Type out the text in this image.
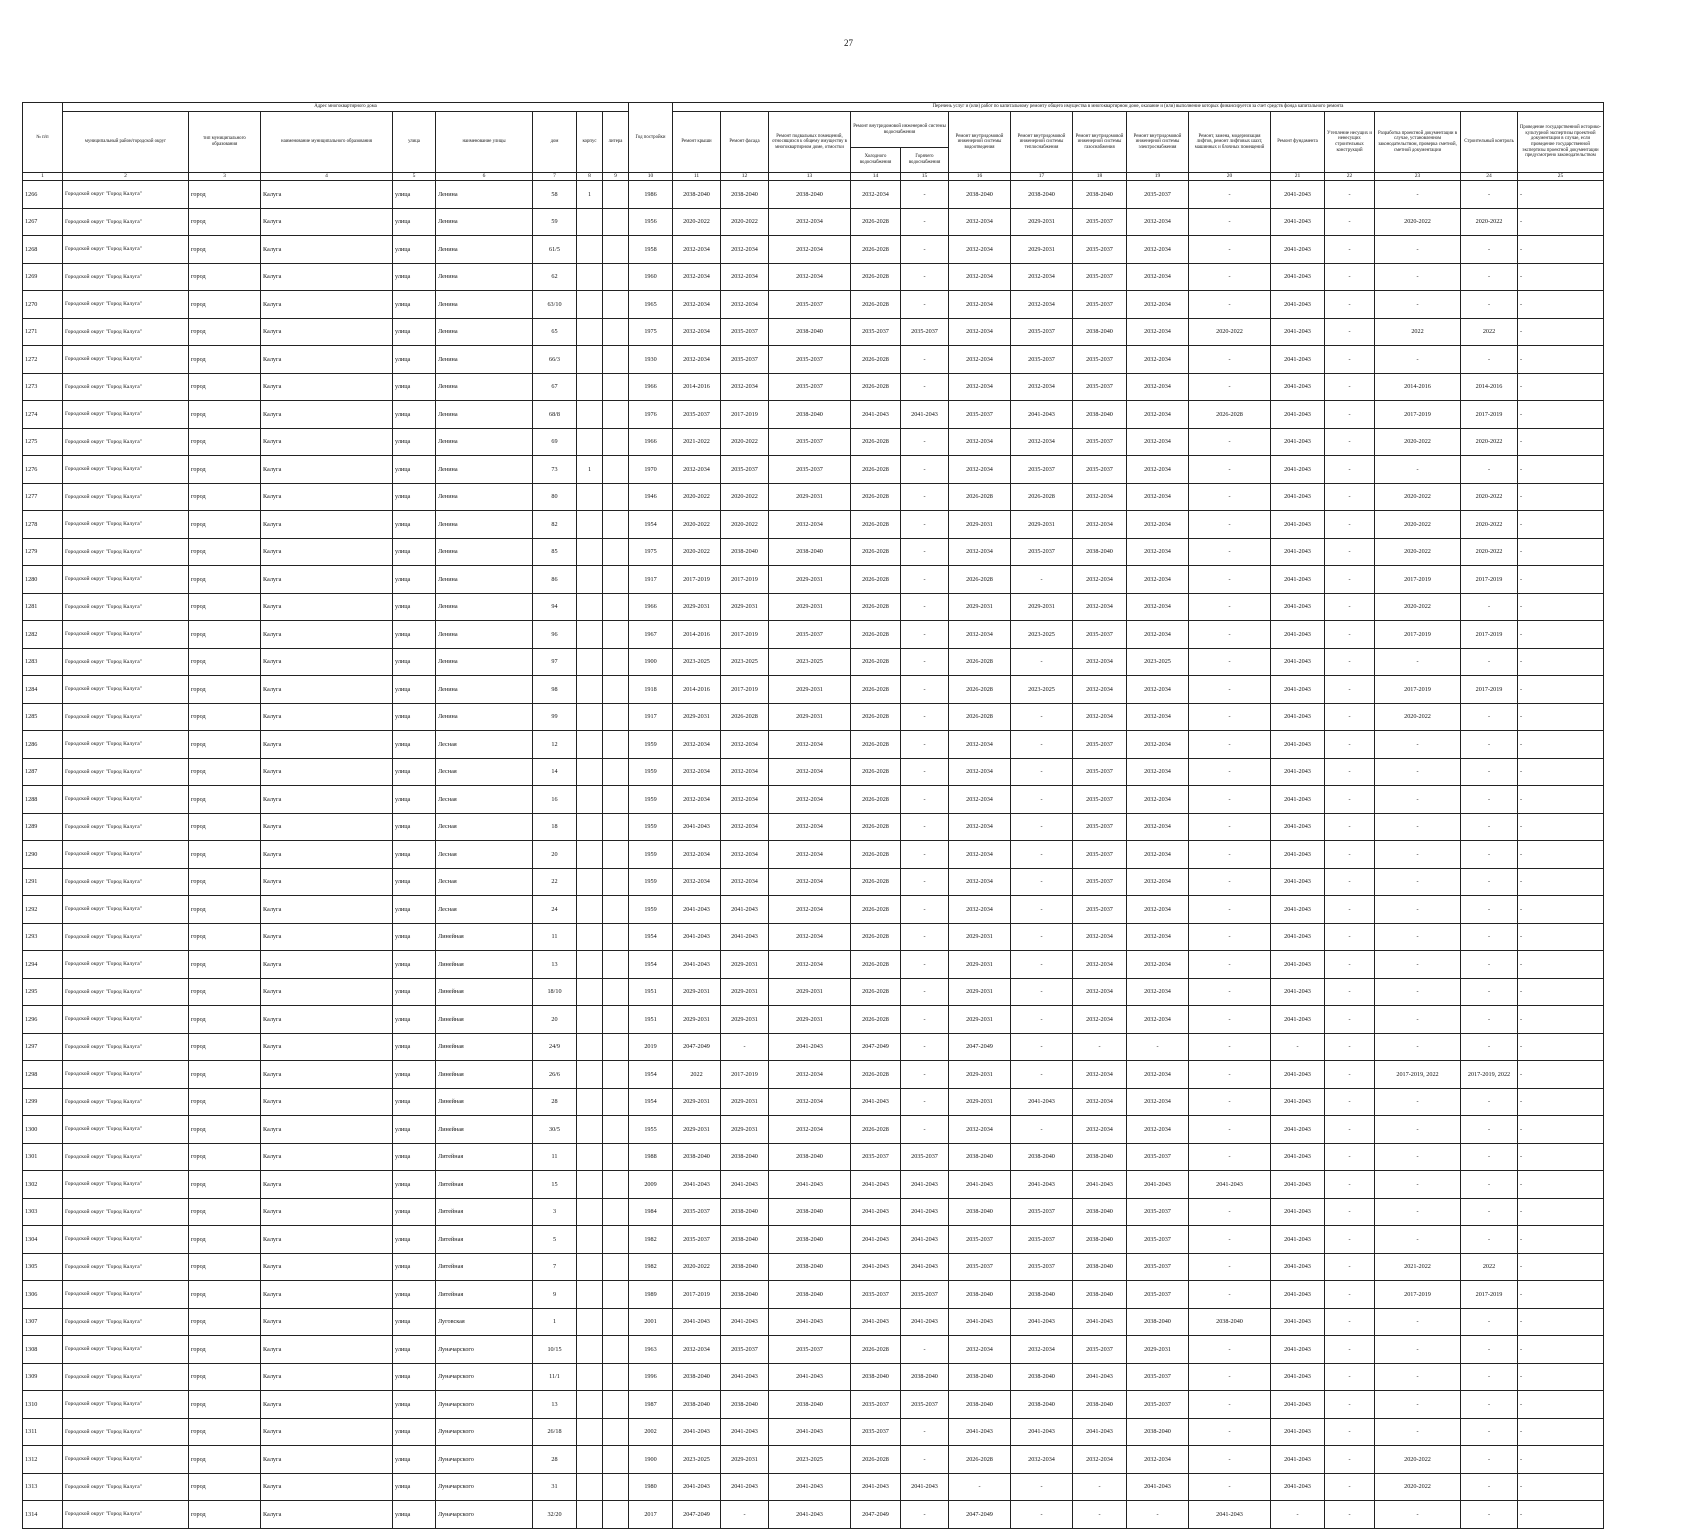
27
№ п/п	Адрес многоквартирного дома								Год постройки	Перечень услуг и (или) работ по капитальному ремонту общего имущества в многоквартирном доме, оказание и (или) выполнение которых финансируется за счет средств фонда капитального ремонта														
	муниципальный район/городской округ	тип муниципального образования	наименование муниципального образования	улица	наименование улицы	дом	корпус	литера		Ремонт крыши	Ремонт фасада	Ремонт подвальных помещений, относящихся к общему имуществу в многоквартирном доме, отмостки	Ремонт внутридомовой инженерной системы водоснабжения		Ремонт внутридомовой инженерной системы водоотведения	Ремонт внутридомовой инженерной системы теплоснабжения	Ремонт внутридомовой инженерной системы газоснабжения	Ремонт внутридомовой инженерной системы электроснабжения	Ремонт, замена, модернизация лифтов, ремонт лифтовых шахт, машинных и блочных помещений	Ремонт фундамента	Утепление несущих и ненесущих строительных конструкций	Разработка проектной документации в случае, установленном законодательством, проверка сметной, сметной документации	Строительный контроль	Проведение государственной историко-культурной экспертизы проектной документации в случае, если проведение государственной экспертизы проектной документации предусмотрено законодательством
													Холодного водоснабжения	Горячего водоснабжения										
1	2	3	4	5	6	7	8	9	10	11	12	13	14	15	16	17	18	19	20	21	22	23	24	25
1266	Городской округ "Город Калуга"	город	Калуга	улица	Ленина	58	1		1986	2038-2040	2038-2040	2038-2040	2032-2034	-	2038-2040	2038-2040	2038-2040	2035-2037	-	2041-2043	-	-	-	-
1267	Городской округ "Город Калуга"	город	Калуга	улица	Ленина	59			1956	2020-2022	2020-2022	2032-2034	2026-2028	-	2032-2034	2029-2031	2035-2037	2032-2034	-	2041-2043	-	2020-2022	2020-2022	-
1268	Городской округ "Город Калуга"	город	Калуга	улица	Ленина	61/5			1958	2032-2034	2032-2034	2032-2034	2026-2028	-	2032-2034	2029-2031	2035-2037	2032-2034	-	2041-2043	-	-	-	-
1269	Городской округ "Город Калуга"	город	Калуга	улица	Ленина	62			1960	2032-2034	2032-2034	2032-2034	2026-2028	-	2032-2034	2032-2034	2035-2037	2032-2034	-	2041-2043	-	-	-	-
1270	Городской округ "Город Калуга"	город	Калуга	улица	Ленина	63/10			1965	2032-2034	2032-2034	2035-2037	2026-2028	-	2032-2034	2032-2034	2035-2037	2032-2034	-	2041-2043	-	-	-	-
1271	Городской округ "Город Калуга"	город	Калуга	улица	Ленина	65			1975	2032-2034	2035-2037	2038-2040	2035-2037	2035-2037	2032-2034	2035-2037	2038-2040	2032-2034	2020-2022	2041-2043	-	2022	2022	-
1272	Городской округ "Город Калуга"	город	Калуга	улица	Ленина	66/3			1930	2032-2034	2035-2037	2035-2037	2026-2028	-	2032-2034	2035-2037	2035-2037	2032-2034	-	2041-2043	-	-	-	-
1273	Городской округ "Город Калуга"	город	Калуга	улица	Ленина	67			1966	2014-2016	2032-2034	2035-2037	2026-2028	-	2032-2034	2032-2034	2035-2037	2032-2034	-	2041-2043	-	2014-2016	2014-2016	-
1274	Городской округ "Город Калуга"	город	Калуга	улица	Ленина	68/8			1976	2035-2037	2017-2019	2038-2040	2041-2043	2041-2043	2035-2037	2041-2043	2038-2040	2032-2034	2026-2028	2041-2043	-	2017-2019	2017-2019	-
1275	Городской округ "Город Калуга"	город	Калуга	улица	Ленина	69			1966	2021-2022	2020-2022	2035-2037	2026-2028	-	2032-2034	2032-2034	2035-2037	2032-2034	-	2041-2043	-	2020-2022	2020-2022	-
1276	Городской округ "Город Калуга"	город	Калуга	улица	Ленина	73	1		1970	2032-2034	2035-2037	2035-2037	2026-2028	-	2032-2034	2035-2037	2035-2037	2032-2034	-	2041-2043	-	-	-	-
1277	Городской округ "Город Калуга"	город	Калуга	улица	Ленина	80			1946	2020-2022	2020-2022	2029-2031	2026-2028	-	2026-2028	2026-2028	2032-2034	2032-2034	-	2041-2043	-	2020-2022	2020-2022	-
1278	Городской округ "Город Калуга"	город	Калуга	улица	Ленина	82			1954	2020-2022	2020-2022	2032-2034	2026-2028	-	2029-2031	2029-2031	2032-2034	2032-2034	-	2041-2043	-	2020-2022	2020-2022	-
1279	Городской округ "Город Калуга"	город	Калуга	улица	Ленина	85			1975	2020-2022	2038-2040	2038-2040	2026-2028	-	2032-2034	2035-2037	2038-2040	2032-2034	-	2041-2043	-	2020-2022	2020-2022	-
1280	Городской округ "Город Калуга"	город	Калуга	улица	Ленина	86			1917	2017-2019	2017-2019	2029-2031	2026-2028	-	2026-2028	-	2032-2034	2032-2034	-	2041-2043	-	2017-2019	2017-2019	-
1281	Городской округ "Город Калуга"	город	Калуга	улица	Ленина	94			1966	2029-2031	2029-2031	2029-2031	2026-2028	-	2029-2031	2029-2031	2032-2034	2032-2034	-	2041-2043	-	2020-2022	-	-
1282	Городской округ "Город Калуга"	город	Калуга	улица	Ленина	96			1967	2014-2016	2017-2019	2035-2037	2026-2028	-	2032-2034	2023-2025	2035-2037	2032-2034	-	2041-2043	-	2017-2019	2017-2019	-
1283	Городской округ "Город Калуга"	город	Калуга	улица	Ленина	97			1900	2023-2025	2023-2025	2023-2025	2026-2028	-	2026-2028	-	2032-2034	2023-2025	-	2041-2043	-	-	-	-
1284	Городской округ "Город Калуга"	город	Калуга	улица	Ленина	98			1918	2014-2016	2017-2019	2029-2031	2026-2028	-	2026-2028	2023-2025	2032-2034	2032-2034	-	2041-2043	-	2017-2019	2017-2019	-
1285	Городской округ "Город Калуга"	город	Калуга	улица	Ленина	99			1917	2029-2031	2026-2028	2029-2031	2026-2028	-	2026-2028	-	2032-2034	2032-2034	-	2041-2043	-	2020-2022	-	-
1286	Городской округ "Город Калуга"	город	Калуга	улица	Лесная	12			1959	2032-2034	2032-2034	2032-2034	2026-2028	-	2032-2034	-	2035-2037	2032-2034	-	2041-2043	-	-	-	-
1287	Городской округ "Город Калуга"	город	Калуга	улица	Лесная	14			1959	2032-2034	2032-2034	2032-2034	2026-2028	-	2032-2034	-	2035-2037	2032-2034	-	2041-2043	-	-	-	-
1288	Городской округ "Город Калуга"	город	Калуга	улица	Лесная	16			1959	2032-2034	2032-2034	2032-2034	2026-2028	-	2032-2034	-	2035-2037	2032-2034	-	2041-2043	-	-	-	-
1289	Городской округ "Город Калуга"	город	Калуга	улица	Лесная	18			1959	2041-2043	2032-2034	2032-2034	2026-2028	-	2032-2034	-	2035-2037	2032-2034	-	2041-2043	-	-	-	-
1290	Городской округ "Город Калуга"	город	Калуга	улица	Лесная	20			1959	2032-2034	2032-2034	2032-2034	2026-2028	-	2032-2034	-	2035-2037	2032-2034	-	2041-2043	-	-	-	-
1291	Городской округ "Город Калуга"	город	Калуга	улица	Лесная	22			1959	2032-2034	2032-2034	2032-2034	2026-2028	-	2032-2034	-	2035-2037	2032-2034	-	2041-2043	-	-	-	-
1292	Городской округ "Город Калуга"	город	Калуга	улица	Лесная	24			1959	2041-2043	2041-2043	2032-2034	2026-2028	-	2032-2034	-	2035-2037	2032-2034	-	2041-2043	-	-	-	-
1293	Городской округ "Город Калуга"	город	Калуга	улица	Линейная	11			1954	2041-2043	2041-2043	2032-2034	2026-2028	-	2029-2031	-	2032-2034	2032-2034	-	2041-2043	-	-	-	-
1294	Городской округ "Город Калуга"	город	Калуга	улица	Линейная	13			1954	2041-2043	2029-2031	2032-2034	2026-2028	-	2029-2031	-	2032-2034	2032-2034	-	2041-2043	-	-	-	-
1295	Городской округ "Город Калуга"	город	Калуга	улица	Линейная	18/10			1951	2029-2031	2029-2031	2029-2031	2026-2028	-	2029-2031	-	2032-2034	2032-2034	-	2041-2043	-	-	-	-
1296	Городской округ "Город Калуга"	город	Калуга	улица	Линейная	20			1951	2029-2031	2029-2031	2029-2031	2026-2028	-	2029-2031	-	2032-2034	2032-2034	-	2041-2043	-	-	-	-
1297	Городской округ "Город Калуга"	город	Калуга	улица	Линейная	24/9			2019	2047-2049	-	2041-2043	2047-2049	-	2047-2049	-	-	-	-	-	-	-	-	-
1298	Городской округ "Город Калуга"	город	Калуга	улица	Линейная	26/6			1954	2022	2017-2019	2032-2034	2026-2028	-	2029-2031	-	2032-2034	2032-2034	-	2041-2043	-	2017-2019, 2022	2017-2019, 2022	-
1299	Городской округ "Город Калуга"	город	Калуга	улица	Линейная	28			1954	2029-2031	2029-2031	2032-2034	2041-2043	-	2029-2031	2041-2043	2032-2034	2032-2034	-	2041-2043	-	-	-	-
1300	Городской округ "Город Калуга"	город	Калуга	улица	Линейная	30/5			1955	2029-2031	2029-2031	2032-2034	2026-2028	-	2032-2034	-	2032-2034	2032-2034	-	2041-2043	-	-	-	-
1301	Городской округ "Город Калуга"	город	Калуга	улица	Литейная	11			1988	2038-2040	2038-2040	2038-2040	2035-2037	2035-2037	2038-2040	2038-2040	2038-2040	2035-2037	-	2041-2043	-	-	-	-
1302	Городской округ "Город Калуга"	город	Калуга	улица	Литейная	15			2009	2041-2043	2041-2043	2041-2043	2041-2043	2041-2043	2041-2043	2041-2043	2041-2043	2041-2043	2041-2043	2041-2043	-	-	-	-
1303	Городской округ "Город Калуга"	город	Калуга	улица	Литейная	3			1984	2035-2037	2038-2040	2038-2040	2041-2043	2041-2043	2038-2040	2035-2037	2038-2040	2035-2037	-	2041-2043	-	-	-	-
1304	Городской округ "Город Калуга"	город	Калуга	улица	Литейная	5			1982	2035-2037	2038-2040	2038-2040	2041-2043	2041-2043	2035-2037	2035-2037	2038-2040	2035-2037	-	2041-2043	-	-	-	-
1305	Городской округ "Город Калуга"	город	Калуга	улица	Литейная	7			1982	2020-2022	2038-2040	2038-2040	2041-2043	2041-2043	2035-2037	2035-2037	2038-2040	2035-2037	-	2041-2043	-	2021-2022	2022	-
1306	Городской округ "Город Калуга"	город	Калуга	улица	Литейная	9			1989	2017-2019	2038-2040	2038-2040	2035-2037	2035-2037	2038-2040	2038-2040	2038-2040	2035-2037	-	2041-2043	-	2017-2019	2017-2019	-
1307	Городской округ "Город Калуга"	город	Калуга	улица	Луговская	1			2001	2041-2043	2041-2043	2041-2043	2041-2043	2041-2043	2041-2043	2041-2043	2041-2043	2038-2040	2038-2040	2041-2043	-	-	-	-
1308	Городской округ "Город Калуга"	город	Калуга	улица	Луначарского	10/15			1963	2032-2034	2035-2037	2035-2037	2026-2028	-	2032-2034	2032-2034	2035-2037	2029-2031	-	2041-2043	-	-	-	-
1309	Городской округ "Город Калуга"	город	Калуга	улица	Луначарского	11/1			1996	2038-2040	2041-2043	2041-2043	2038-2040	2038-2040	2038-2040	2038-2040	2041-2043	2035-2037	-	2041-2043	-	-	-	-
1310	Городской округ "Город Калуга"	город	Калуга	улица	Луначарского	13			1987	2038-2040	2038-2040	2038-2040	2035-2037	2035-2037	2038-2040	2038-2040	2038-2040	2035-2037	-	2041-2043	-	-	-	-
1311	Городской округ "Город Калуга"	город	Калуга	улица	Луначарского	26/18			2002	2041-2043	2041-2043	2041-2043	2035-2037	-	2041-2043	2041-2043	2041-2043	2038-2040	-	2041-2043	-	-	-	-
1312	Городской округ "Город Калуга"	город	Калуга	улица	Луначарского	28			1900	2023-2025	2029-2031	2023-2025	2026-2028	-	2026-2028	2032-2034	2032-2034	2032-2034	-	2041-2043	-	2020-2022	-	-
1313	Городской округ "Город Калуга"	город	Калуга	улица	Луначарского	31			1980	2041-2043	2041-2043	2041-2043	2041-2043	2041-2043	-	-	-	2041-2043	-	2041-2043	-	2020-2022	-	-
1314	Городской округ "Город Калуга"	город	Калуга	улица	Луначарского	32/20			2017	2047-2049	-	2041-2043	2047-2049	-	2047-2049	-	-	-	2041-2043	-	-	-	-	-
